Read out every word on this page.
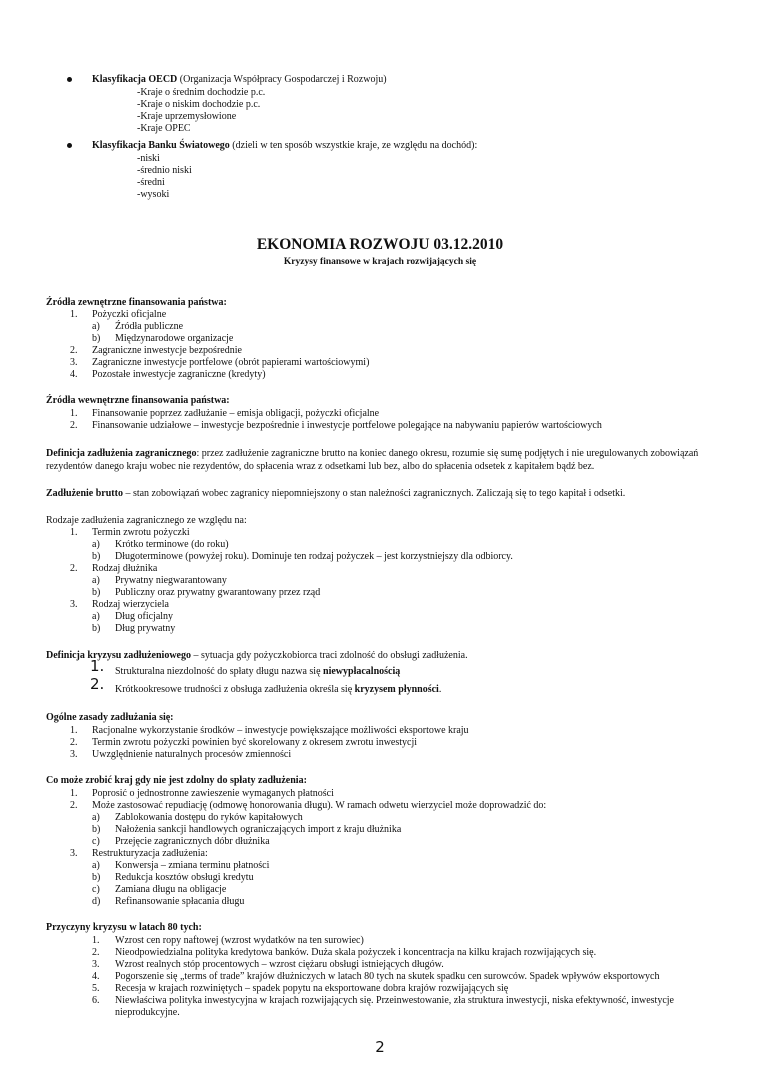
Klasyfikacja OECD (Organizacja Współpracy Gospodarczej i Rozwoju)
-Kraje o średnim dochodzie p.c.
-Kraje o niskim dochodzie p.c.
-Kraje uprzemysłowione
-Kraje OPEC
Klasyfikacja Banku Światowego (dzieli w ten sposób wszystkie kraje, ze względu na dochód):
-niski
-średnio niski
-średni
-wysoki
EKONOMIA ROZWOJU 03.12.2010
Kryzysy finansowe w krajach rozwijających się
Źródła zewnętrzne finansowania państwa:
1. Pożyczki oficjalne
a) Źródła publiczne
b) Międzynarodowe organizacje
2. Zagraniczne inwestycje bezpośrednie
3. Zagraniczne inwestycje portfelowe (obrót papierami wartościowymi)
4. Pozostałe inwestycje zagraniczne (kredyty)
Źródła wewnętrzne finansowania państwa:
1. Finansowanie poprzez zadłużanie – emisja obligacji, pożyczki oficjalne
2. Finansowanie udziałowe – inwestycje bezpośrednie i inwestycje portfelowe polegające na nabywaniu papierów wartościowych
Definicja zadłużenia zagranicznego: przez zadłużenie zagraniczne brutto na koniec danego okresu, rozumie się sumę podjętych i nie uregulowanych zobowiązań
rezydentów danego kraju wobec nie rezydentów, do spłacenia wraz z odsetkami lub bez, albo do spłacenia odsetek z kapitałem bądź bez.
Zadłużenie brutto – stan zobowiązań wobec zagranicy niepomniejszony o stan należności zagranicznych. Zaliczają się to tego kapitał i odsetki.
Rodzaje zadłużenia zagranicznego ze względu na:
1. Termin zwrotu pożyczki
a) Krótko terminowe (do roku)
b) Długoterminowe (powyżej roku). Dominuje ten rodzaj pożyczek – jest korzystniejszy dla odbiorcy.
2. Rodzaj dłużnika
a) Prywatny niegwarantowany
b) Publiczny oraz prywatny gwarantowany przez rząd
3. Rodzaj wierzyciela
a) Dług oficjalny
b) Dług prywatny
Definicja kryzysu zadłużeniowego – sytuacja gdy pożyczkobiorca traci zdolność do obsługi zadłużenia.
1. Strukturalna niezdolność do spłaty długu nazwa się niewypłacalnością
2. Krótkookresowe trudności z obsługa zadłużenia określa się kryzysem płynności.
Ogólne zasady zadłużania się:
1. Racjonalne wykorzystanie środków – inwestycje powiększające możliwości eksportowe kraju
2. Termin zwrotu pożyczki powinien być skorelowany z okresem zwrotu inwestycji
3. Uwzględnienie naturalnych procesów zmienności
Co może zrobić kraj gdy nie jest zdolny do spłaty zadłużenia:
1. Poprosić o jednostronne zawieszenie wymaganych płatności
2. Może zastosować repudiację (odmowę honorowania długu). W ramach odwetu wierzyciel może doprowadzić do:
a) Zablokowania dostępu do ryków kapitałowych
b) Nałożenia sankcji handlowych ograniczających import z kraju dłużnika
c) Przejęcie zagranicznych dóbr dłużnika
3. Restrukturyzacja zadłużenia:
a) Konwersja – zmiana terminu płatności
b) Redukcja kosztów obsługi kredytu
c) Zamiana długu na obligacje
d) Refinansowanie spłacania długu
Przyczyny kryzysu w latach 80 tych:
1. Wzrost cen ropy naftowej (wzrost wydatków na ten surowiec)
2. Nieodpowiedzialna polityka kredytowa banków. Duża skala pożyczek i koncentracja na kilku krajach rozwijających się.
3. Wzrost realnych stóp procentowych – wzrost ciężaru obsługi istniejących długów.
4. Pogorszenie się „terms of trade” krajów dłużniczych w latach 80 tych na skutek spadku cen surowców. Spadek wpływów eksportowych
5. Recesja w krajach rozwiniętych – spadek popytu na eksportowane dobra krajów rozwijających się
6. Niewłaściwa polityka inwestycyjna w krajach rozwijających się. Przeinwestowanie, zła struktura inwestycji, niska efektywność, inwestycje nieprodukcyjne.
2
